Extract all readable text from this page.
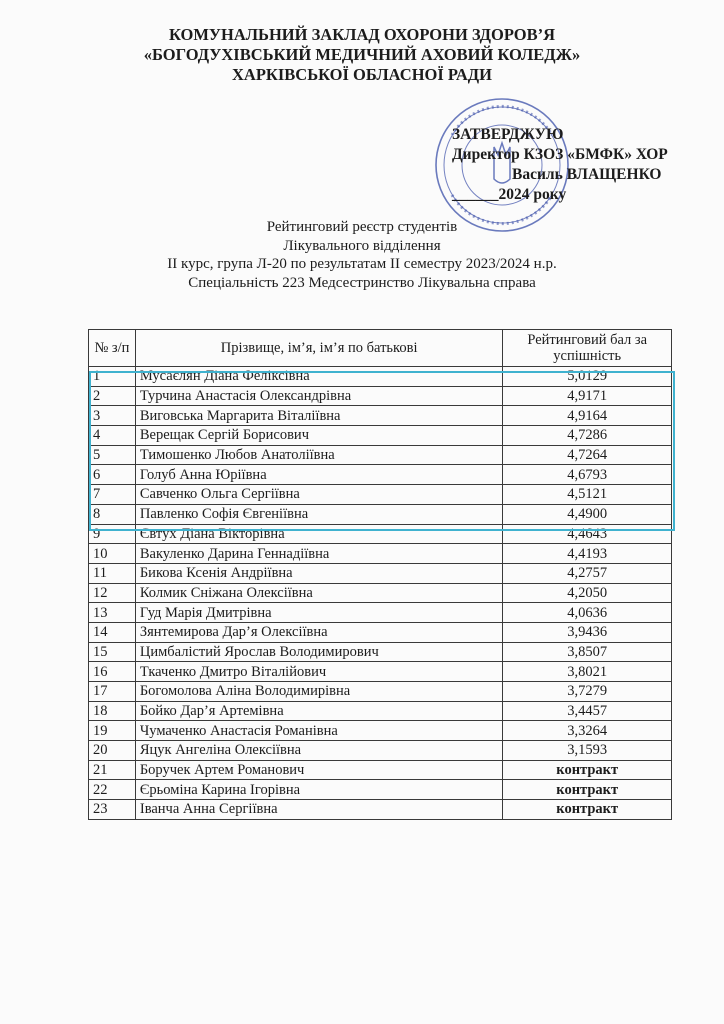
КОМУНАЛЬНИЙ ЗАКЛАД ОХОРОНИ ЗДОРОВ’Я
«БОГОДУХІВСЬКИЙ МЕДИЧНИЙ АХОВИЙ КОЛЕДЖ»
ХАРКІВСЬКОЇ ОБЛАСНОЇ РАДИ
ЗАТВЕРДЖУЮ
Директор КЗОЗ «БМФК» ХОР
Василь ВЛАЩЕНКО
______2024 року
Рейтинговий реєстр студентів
Лікувального відділення
ІІ курс, група Л-20 по результатам ІІ семестру 2023/2024 н.р.
Спеціальність 223 Медсестринство Лікувальна справа
№ з/п	Прізвище, ім’я, ім’я по батькові	Рейтинговий бал за успішність
1	Мусаєлян Діана Феліксівна	5,0129
2	Турчина Анастасія Олександрівна	4,9171
3	Виговська Маргарита Віталіївна	4,9164
4	Верещак Сергій Борисович	4,7286
5	Тимошенко Любов Анатоліївна	4,7264
6	Голуб Анна Юріївна	4,6793
7	Савченко Ольга Сергіївна	4,5121
8	Павленко Софія Євгеніївна	4,4900
9	Євтух Діана Вікторівна	4,4643
10	Вакуленко Дарина Геннадіївна	4,4193
11	Бикова Ксенія Андріївна	4,2757
12	Колмик Сніжана Олексіївна	4,2050
13	Гуд Марія Дмитрівна	4,0636
14	Зянтемирова Дар’я Олексіївна	3,9436
15	Цимбалістий Ярослав Володимирович	3,8507
16	Ткаченко Дмитро Віталійович	3,8021
17	Богомолова Аліна Володимирівна	3,7279
18	Бойко Дар’я Артемівна	3,4457
19	Чумаченко Анастасія Романівна	3,3264
20	Яцук Ангеліна Олексіївна	3,1593
21	Боручек Артем Романович	контракт
22	Єрьоміна Карина Ігорівна	контракт
23	Іванча Анна Сергіївна	контракт
